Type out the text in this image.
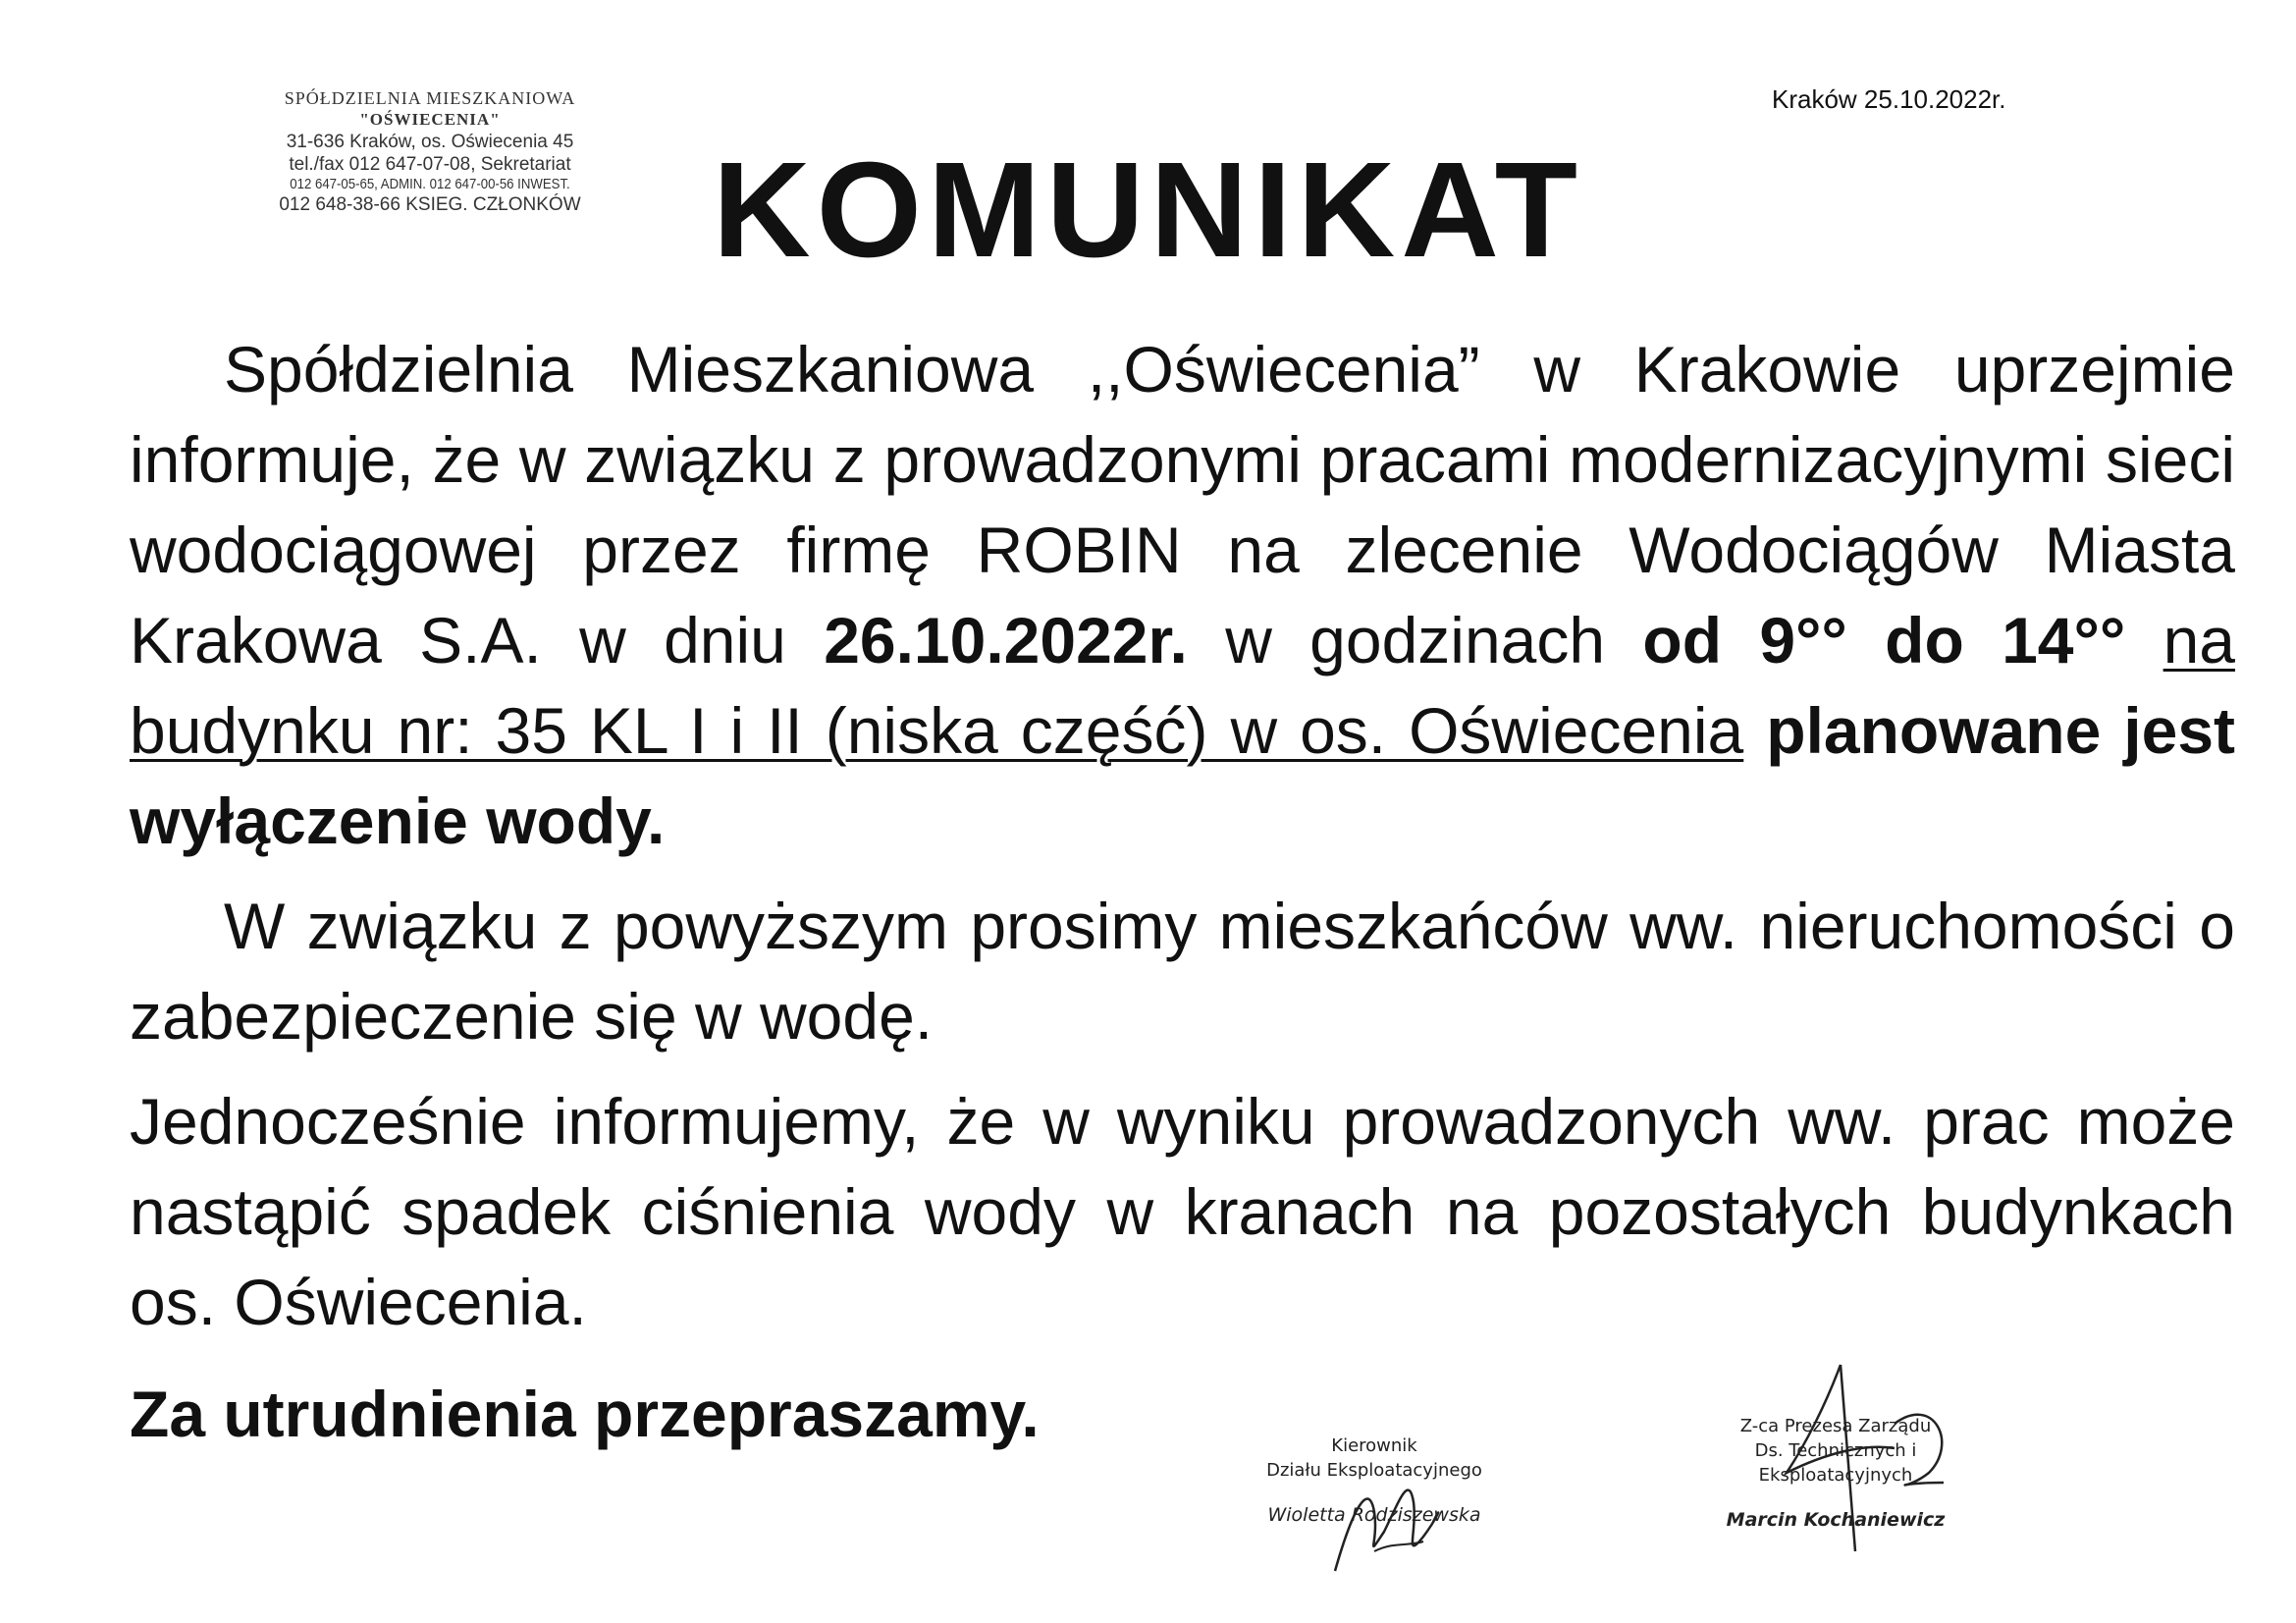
SPÓŁDZIELNIA MIESZKANIOWA
"OŚWIECENIA"
31-636 Kraków, os. Oświecenia 45
tel./fax 012 647-07-08, Sekretariat
012 647-05-65, ADMIN. 012 647-00-56 INWEST.
012 648-38-66 KSIEG. CZŁONKÓW
Kraków 25.10.2022r.
KOMUNIKAT

Spółdzielnia Mieszkaniowa ,,Oświecenia” w Krakowie uprzejmie informuje, że w związku z prowadzonymi pracami modernizacyjnymi sieci wodociągowej przez firmę ROBIN na zlecenie Wodociągów Miasta Krakowa S.A. w dniu 26.10.2022r. w godzinach od 9°° do 14°° na budynku nr: 35 KL I i II (niska część) w os. Oświecenia planowane jest wyłączenie wody.

W związku z powyższym prosimy mieszkańców ww. nieruchomości o zabezpieczenie się w wodę.

Jednocześnie informujemy, że w wyniku prowadzonych ww. prac może nastąpić spadek ciśnienia wody w kranach na pozostałych budynkach os. Oświecenia.

Za utrudnienia przepraszamy.	Kierownik
Działu Eksploatacyjnego
Wioletta Rodziszewska
Z-ca Prezesa Zarządu
Ds. Technicznych i Eksploatacyjnych
Marcin Kochaniewicz
